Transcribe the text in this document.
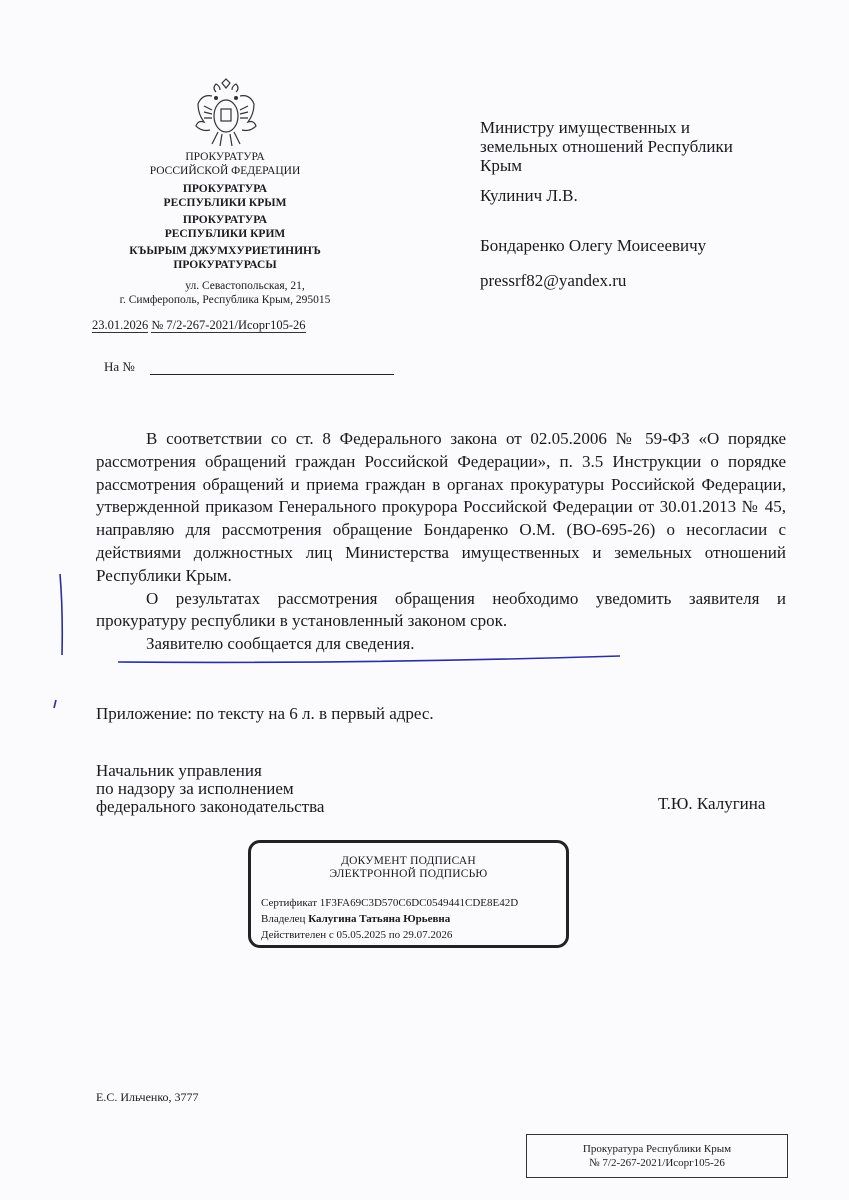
ПРОКУРАТУРА
РОССИЙСКОЙ ФЕДЕРАЦИИ
ПРОКУРАТУРА
РЕСПУБЛИКИ КРЫМ
ПРОКУРАТУРА
РЕСПУБЛИКИ КРИМ
КЪЫРЫМ ДЖУМХУРИЕТИНИНЪ
ПРОКУРАТУРАСЫ
ул. Севастопольская, 21,
г. Симферополь, Республика Крым, 295015
23.01.2026 № 7/2-267-2021/Исорг105-26
На №
Министру имущественных и
земельных отношений Республики
Крым
Кулинич Л.В.
Бондаренко Олегу Моисеевичу
pressrf82@yandex.ru

В соответствии со ст. 8 Федерального закона от 02.05.2006 № 59-ФЗ «О порядке рассмотрения обращений граждан Российской Федерации», п. 3.5 Инструкции о порядке рассмотрения обращений и приема граждан в органах прокуратуры Российской Федерации, утвержденной приказом Генерального прокурора Российской Федерации от 30.01.2013 № 45, направляю для рассмотрения обращение Бондаренко О.М. (ВО-695-26) о несогласии с действиями должностных лиц Министерства имущественных и земельных отношений Республики Крым.

О результатах рассмотрения обращения необходимо уведомить заявителя и прокуратуру республики в установленный законом срок.

Заявителю сообщается для сведения.

Приложение: по тексту на 6 л. в первый адрес.
Начальник управления
по надзору за исполнением
федерального законодательства	Т.Ю. Калугина
ДОКУМЕНТ ПОДПИСАН
ЭЛЕКТРОННОЙ ПОДПИСЬЮ
Сертификат 1F3FA69C3D570C6DC0549441CDE8E42D
Владелец Калугина Татьяна Юрьевна
Действителен с 05.05.2025 по 29.07.2026
Е.С. Ильченко, 3777
Прокуратура Республики Крым
№ 7/2-267-2021/Исорг105-26
